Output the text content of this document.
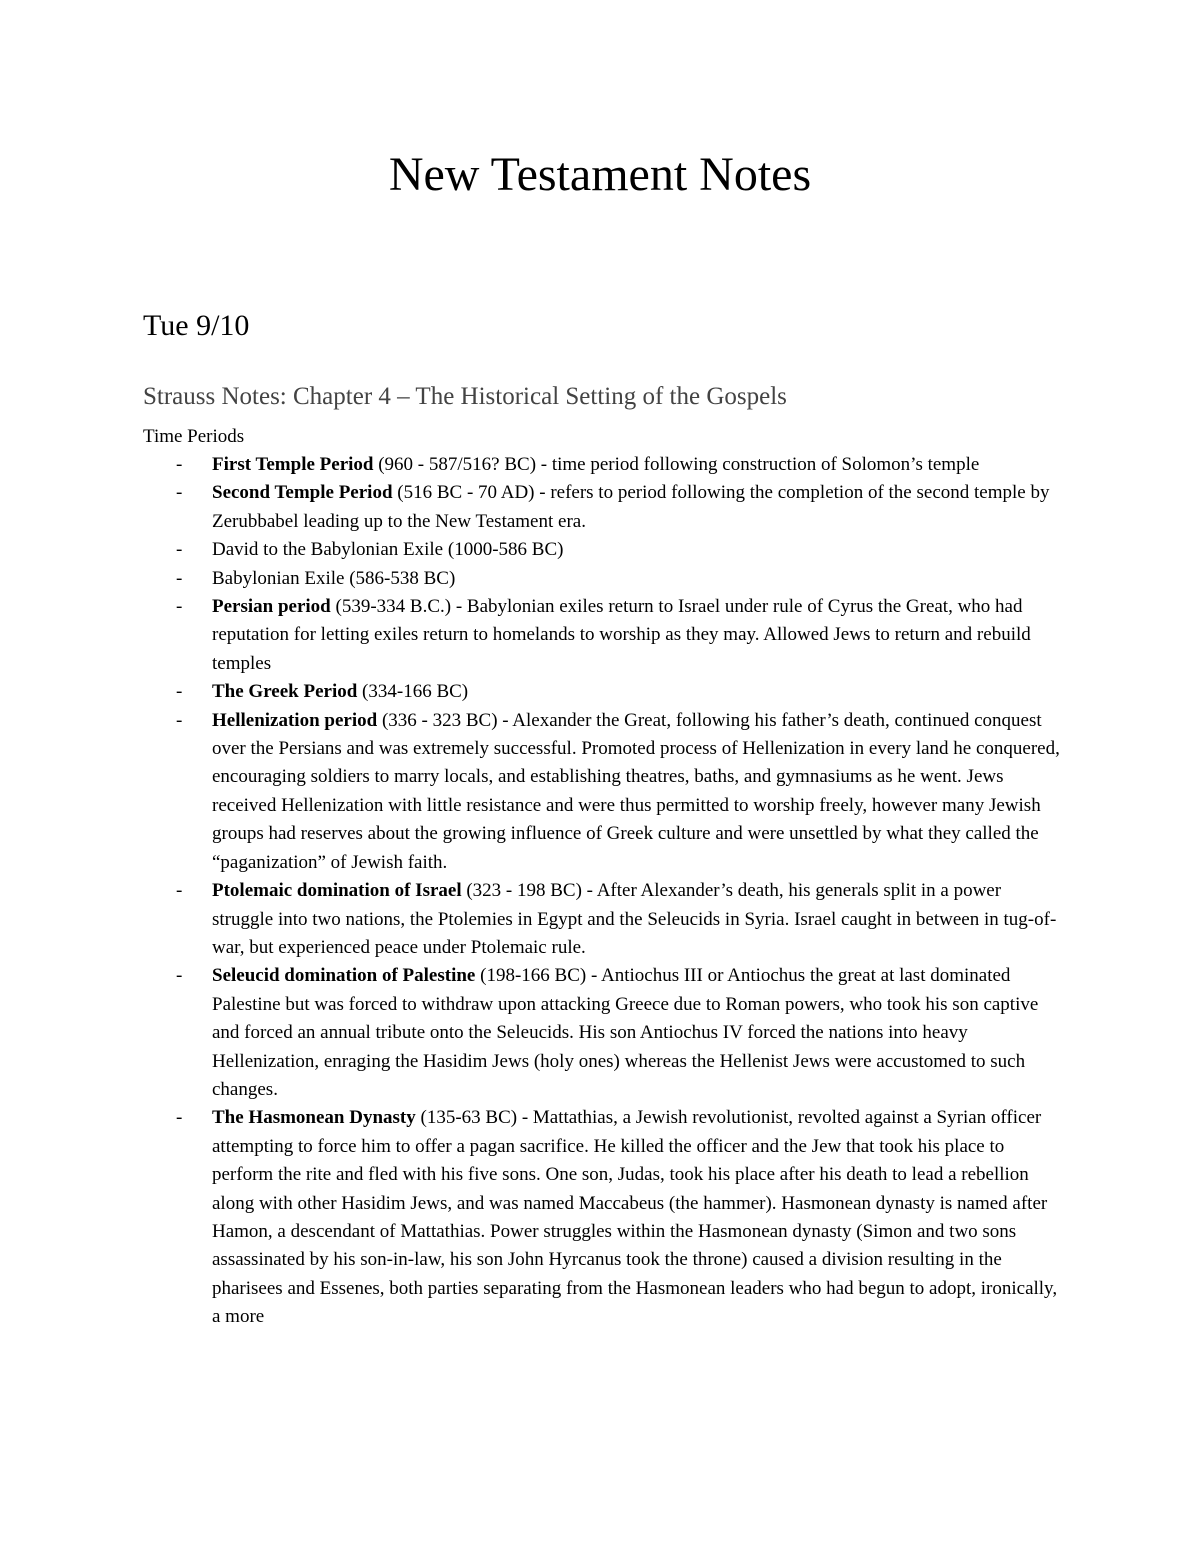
New Testament Notes
Tue 9/10
Strauss Notes: Chapter 4 – The Historical Setting of the Gospels

Time Periods

- First Temple Period (960 - 587/516? BC) - time period following construction of Solomon’s temple
- Second Temple Period (516 BC - 70 AD) - refers to period following the completion of the second temple by Zerubbabel leading up to the New Testament era.
- David to the Babylonian Exile (1000-586 BC)
- Babylonian Exile (586-538 BC)
- Persian period (539-334 B.C.) - Babylonian exiles return to Israel under rule of Cyrus the Great, who had reputation for letting exiles return to homelands to worship as they may. Allowed Jews to return and rebuild temples
- The Greek Period (334-166 BC)
- Hellenization period (336 - 323 BC) - Alexander the Great, following his father’s death, continued conquest over the Persians and was extremely successful. Promoted process of Hellenization in every land he conquered, encouraging soldiers to marry locals, and establishing theatres, baths, and gymnasiums as he went. Jews received Hellenization with little resistance and were thus permitted to worship freely, however many Jewish groups had reserves about the growing influence of Greek culture and were unsettled by what they called the “paganization” of Jewish faith.
- Ptolemaic domination of Israel (323 - 198 BC) - After Alexander’s death, his generals split in a power struggle into two nations, the Ptolemies in Egypt and the Seleucids in Syria. Israel caught in between in tug-of-war, but experienced peace under Ptolemaic rule.
- Seleucid domination of Palestine (198-166 BC) - Antiochus III or Antiochus the great at last dominated Palestine but was forced to withdraw upon attacking Greece due to Roman powers, who took his son captive and forced an annual tribute onto the Seleucids. His son Antiochus IV forced the nations into heavy Hellenization, enraging the Hasidim Jews (holy ones) whereas the Hellenist Jews were accustomed to such changes.
- The Hasmonean Dynasty (135-63 BC) - Mattathias, a Jewish revolutionist, revolted against a Syrian officer attempting to force him to offer a pagan sacrifice. He killed the officer and the Jew that took his place to perform the rite and fled with his five sons. One son, Judas, took his place after his death to lead a rebellion along with other Hasidim Jews, and was named Maccabeus (the hammer). Hasmonean dynasty is named after Hamon, a descendant of Mattathias. Power struggles within the Hasmonean dynasty (Simon and two sons assassinated by his son-in-law, his son John Hyrcanus took the throne) caused a division resulting in the pharisees and Essenes, both parties separating from the Hasmonean leaders who had begun to adopt, ironically, a more
